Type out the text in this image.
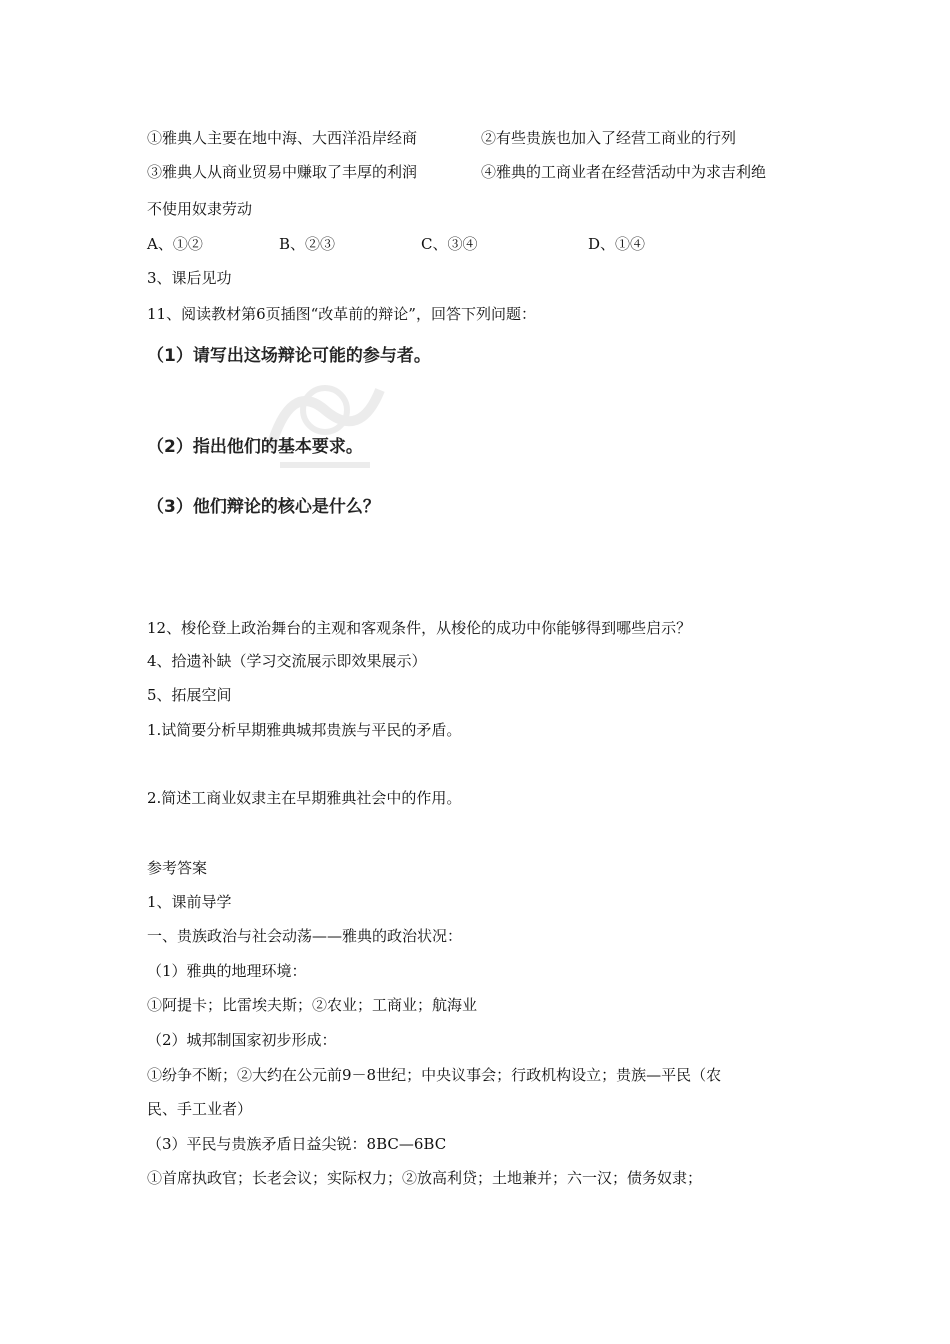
①雅典人主要在地中海、大西洋沿岸经商	②有些贵族也加入了经营工商业的行列
③雅典人从商业贸易中赚取了丰厚的利润	④雅典的工商业者在经营活动中为求吉利绝
不使用奴隶劳动
A、①②	B、②③	C、③④	D、①④
3、课后见功
11、阅读教材第6页插图“改革前的辩论”，回答下列问题：
（1）请写出这场辩论可能的参与者。
（2）指出他们的基本要求。
（3）他们辩论的核心是什么？
12、梭伦登上政治舞台的主观和客观条件，从梭伦的成功中你能够得到哪些启示？
4、拾遗补缺（学习交流展示即效果展示）
5、拓展空间
1.试简要分析早期雅典城邦贵族与平民的矛盾。
2.简述工商业奴隶主在早期雅典社会中的作用。
参考答案
1、课前导学
一、贵族政治与社会动荡——雅典的政治状况：
（1）雅典的地理环境：
①阿提卡；比雷埃夫斯；②农业；工商业；航海业
（2）城邦制国家初步形成：
①纷争不断；②大约在公元前9－8世纪；中央议事会；行政机构设立；贵族—平民（农
民、手工业者）
（3）平民与贵族矛盾日益尖锐：8BC—6BC
①首席执政官；长老会议；实际权力；②放高利贷；土地兼并；六一汉；债务奴隶；
